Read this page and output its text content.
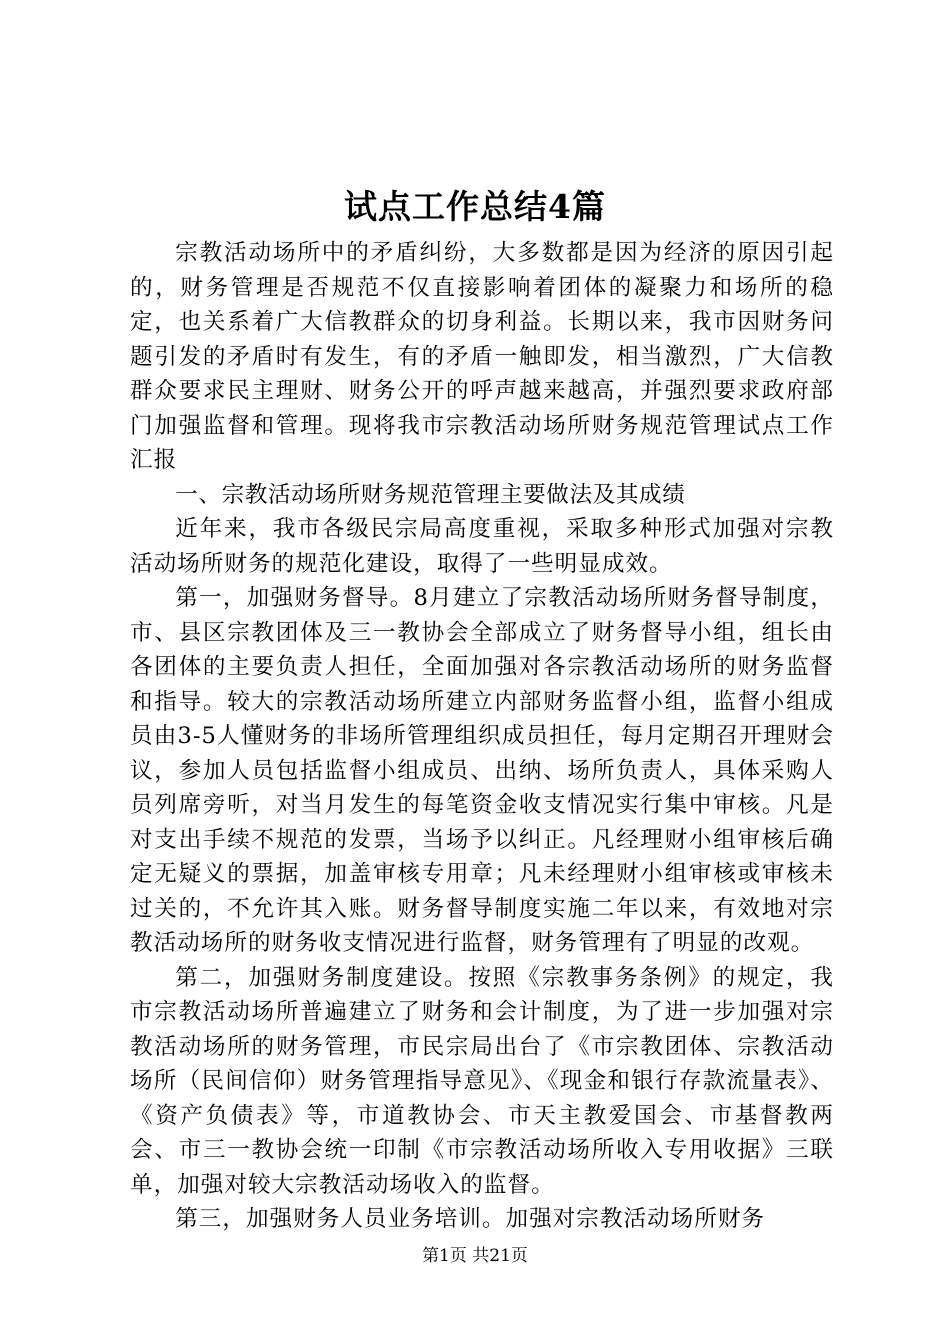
试点工作总结4篇

宗教活动场所中的矛盾纠纷，大多数都是因为经济的原因引起的，财务管理是否规范不仅直接影响着团体的凝聚力和场所的稳定，也关系着广大信教群众的切身利益。长期以来，我市因财务问题引发的矛盾时有发生，有的矛盾一触即发，相当激烈，广大信教群众要求民主理财、财务公开的呼声越来越高，并强烈要求政府部门加强监督和管理。现将我市宗教活动场所财务规范管理试点工作汇报

一、宗教活动场所财务规范管理主要做法及其成绩

近年来，我市各级民宗局高度重视，采取多种形式加强对宗教活动场所财务的规范化建设，取得了一些明显成效。

第一，加强财务督导。8月建立了宗教活动场所财务督导制度，市、县区宗教团体及三一教协会全部成立了财务督导小组，组长由各团体的主要负责人担任，全面加强对各宗教活动场所的财务监督和指导。较大的宗教活动场所建立内部财务监督小组，监督小组成员由3-5人懂财务的非场所管理组织成员担任，每月定期召开理财会议，参加人员包括监督小组成员、出纳、场所负责人，具体采购人员列席旁听，对当月发生的每笔资金收支情况实行集中审核。凡是对支出手续不规范的发票，当场予以纠正。凡经理财小组审核后确定无疑义的票据，加盖审核专用章；凡未经理财小组审核或审核未过关的，不允许其入账。财务督导制度实施二年以来，有效地对宗教活动场所的财务收支情况进行监督，财务管理有了明显的改观。

第二，加强财务制度建设。按照《宗教事务条例》的规定，我市宗教活动场所普遍建立了财务和会计制度，为了进一步加强对宗教活动场所的财务管理，市民宗局出台了《市宗教团体、宗教活动场所（民间信仰）财务管理指导意见》、《现金和银行存款流量表》、《资产负债表》等，市道教协会、市天主教爱国会、市基督教两会、市三一教协会统一印制《市宗教活动场所收入专用收据》三联单，加强对较大宗教活动场收入的监督。

第三，加强财务人员业务培训。加强对宗教活动场所财务

第1页 共21页
